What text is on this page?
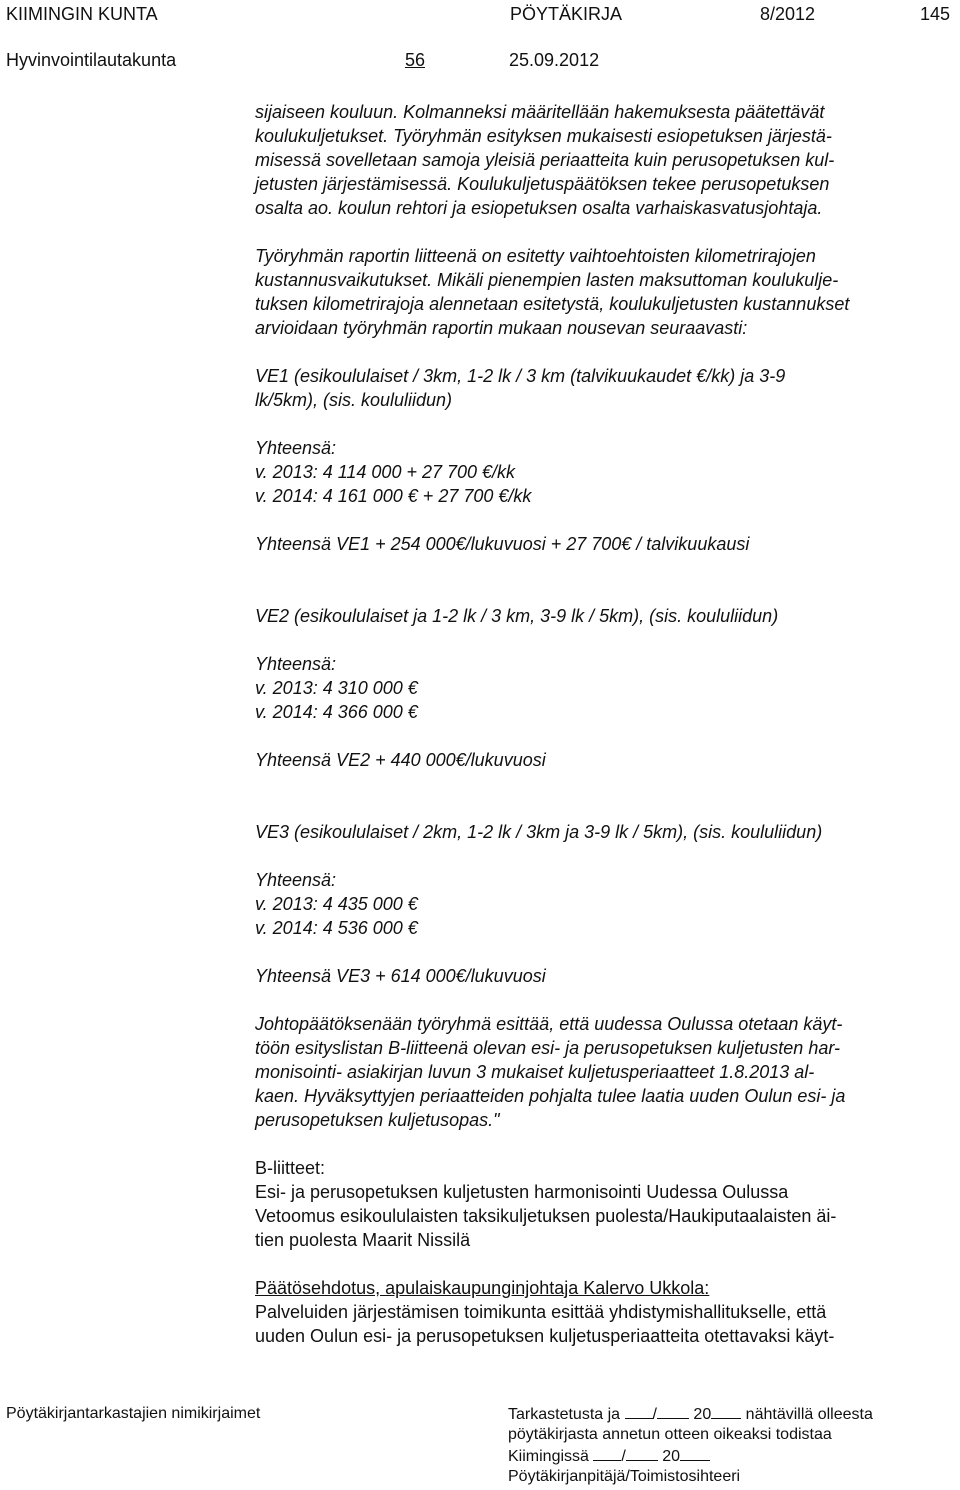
KIIMINGIN KUNTA	PÖYTÄKIRJA	8/2012	145
Hyvinvointilautakunta	56	25.09.2012
sijaiseen kouluun. Kolmanneksi määritellään hakemuksesta päätettävät
koulukuljetukset. Työryhmän esityksen mukaisesti esiopetuksen järjestä-
misessä sovelletaan samoja yleisiä periaatteita kuin perusopetuksen kul-
jetusten järjestämisessä. Koulukuljetuspäätöksen tekee perusopetuksen
osalta ao. koulun rehtori ja esiopetuksen osalta varhaiskasvatusjohtaja.
Työryhmän raportin liitteenä on esitetty vaihtoehtoisten kilometrirajojen
kustannusvaikutukset. Mikäli pienempien lasten maksuttoman koulukulje-
tuksen kilometrirajoja alennetaan esitetystä, koulukuljetusten kustannukset
arvioidaan työryhmän raportin mukaan nousevan seuraavasti:
VE1 (esikoululaiset / 3km, 1-2 lk / 3 km (talvikuukaudet €/kk) ja 3-9
lk/5km), (sis. koululiidun)
Yhteensä:
v. 2013: 4 114 000 + 27 700 €/kk
v. 2014: 4 161 000 € + 27 700 €/kk
Yhteensä VE1 + 254 000€/lukuvuosi + 27 700€ / talvikuukausi
VE2 (esikoululaiset ja 1-2 lk / 3 km, 3-9 lk / 5km), (sis. koululiidun)
Yhteensä:
v. 2013: 4 310 000 €
v. 2014: 4 366 000 €
Yhteensä VE2 + 440 000€/lukuvuosi
VE3 (esikoululaiset / 2km, 1-2 lk / 3km ja 3-9 lk / 5km), (sis. koululiidun)
Yhteensä:
v. 2013: 4 435 000 €
v. 2014: 4 536 000 €
Yhteensä VE3 + 614 000€/lukuvuosi
Johtopäätöksenään työryhmä esittää, että uudessa Oulussa otetaan käyt-
töön esityslistan B-liitteenä olevan esi- ja perusopetuksen kuljetusten har-
monisointi- asiakirjan luvun 3 mukaiset kuljetusperiaatteet 1.8.2013 al-
kaen. Hyväksyttyjen periaatteiden pohjalta tulee laatia uuden Oulun esi- ja
perusopetuksen kuljetusopas."
B-liitteet:
Esi- ja perusopetuksen kuljetusten harmonisointi Uudessa Oulussa
Vetoomus esikoululaisten taksikuljetuksen puolesta/Haukiputaalaisten äi-
tien puolesta Maarit Nissilä
Päätösehdotus, apulaiskaupunginjohtaja Kalervo Ukkola:
Palveluiden järjestämisen toimikunta esittää yhdistymishallitukselle, että
uuden Oulun esi- ja perusopetuksen kuljetusperiaatteita otettavaksi käyt-
Pöytäkirjantarkastajien nimikirjaimet	Tarkastetusta ja / 20 nähtävillä olleesta
pöytäkirjasta annetun otteen oikeaksi todistaa
Kiimingissä / 20
Pöytäkirjanpitäjä/Toimistosihteeri
